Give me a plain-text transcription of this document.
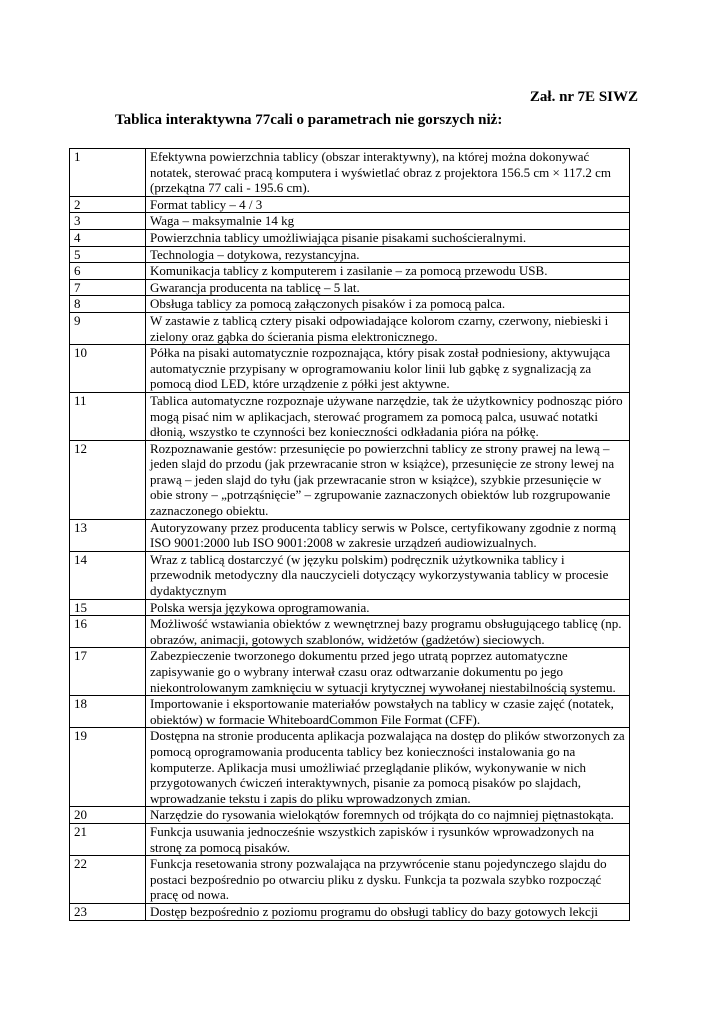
Zał. nr 7E SIWZ
Tablica interaktywna 77cali o parametrach nie gorszych niż:
1	Efektywna powierzchnia tablicy (obszar interaktywny), na której można dokonywać notatek, sterować pracą komputera i wyświetlać obraz z projektora 156.5 cm × 117.2 cm (przekątna 77 cali - 195.6 cm).
2	Format tablicy – 4 / 3
3	Waga – maksymalnie 14 kg
4	Powierzchnia tablicy umożliwiająca pisanie pisakami suchościeralnymi.
5	Technologia – dotykowa, rezystancyjna.
6	Komunikacja tablicy z komputerem i zasilanie – za pomocą przewodu USB.
7	Gwarancja producenta na tablicę – 5 lat.
8	Obsługa tablicy za pomocą załączonych pisaków i za pomocą palca.
9	W zastawie z tablicą cztery pisaki odpowiadające kolorom czarny, czerwony, niebieski i zielony oraz gąbka do ścierania pisma elektronicznego.
10	Półka na pisaki automatycznie rozpoznająca, który pisak został podniesiony, aktywująca automatycznie przypisany w oprogramowaniu kolor linii lub gąbkę z sygnalizacją za pomocą diod LED, które urządzenie z półki jest aktywne.
11	Tablica automatyczne rozpoznaje używane narzędzie, tak że użytkownicy podnosząc pióro mogą pisać nim w aplikacjach, sterować programem za pomocą palca, usuwać notatki dłonią, wszystko te czynności bez konieczności odkładania pióra na półkę.
12	Rozpoznawanie gestów: przesunięcie po powierzchni tablicy ze strony prawej na lewą – jeden slajd do przodu (jak przewracanie stron w książce), przesunięcie ze strony lewej na prawą – jeden slajd do tyłu (jak przewracanie stron w książce), szybkie przesunięcie w obie strony – „potrząśnięcie” – zgrupowanie zaznaczonych obiektów lub rozgrupowanie zaznaczonego obiektu.
13	Autoryzowany przez producenta tablicy serwis w Polsce, certyfikowany zgodnie z normą ISO 9001:2000 lub ISO 9001:2008 w zakresie urządzeń audiowizualnych.
14	Wraz z tablicą dostarczyć (w języku polskim) podręcznik użytkownika tablicy i przewodnik metodyczny dla nauczycieli dotyczący wykorzystywania tablicy w procesie dydaktycznym
15	Polska wersja językowa oprogramowania.
16	Możliwość wstawiania obiektów z wewnętrznej bazy programu obsługującego tablicę (np. obrazów, animacji, gotowych szablonów, widżetów (gadżetów) sieciowych.
17	Zabezpieczenie tworzonego dokumentu przed jego utratą poprzez automatyczne zapisywanie go o wybrany interwał czasu oraz odtwarzanie dokumentu po jego niekontrolowanym zamknięciu w sytuacji krytycznej wywołanej niestabilnością systemu.
18	Importowanie i eksportowanie materiałów powstałych na tablicy w czasie zajęć (notatek, obiektów) w formacie WhiteboardCommon File Format (CFF).
19	Dostępna na stronie producenta aplikacja pozwalająca na dostęp do plików stworzonych za pomocą oprogramowania producenta tablicy bez konieczności instalowania go na komputerze. Aplikacja musi umożliwiać przeglądanie plików, wykonywanie w nich przygotowanych ćwiczeń interaktywnych, pisanie za pomocą pisaków po slajdach, wprowadzanie tekstu i zapis do pliku wprowadzonych zmian.
20	Narzędzie do rysowania wielokątów foremnych od trójkąta do co najmniej piętnastokąta.
21	Funkcja usuwania jednocześnie wszystkich zapisków i rysunków wprowadzonych na stronę za pomocą pisaków.
22	Funkcja resetowania strony pozwalająca na przywrócenie stanu pojedynczego slajdu do postaci bezpośrednio po otwarciu pliku z dysku. Funkcja ta pozwala szybko rozpocząć pracę od nowa.
23	Dostęp bezpośrednio z poziomu programu do obsługi tablicy do bazy gotowych lekcji
